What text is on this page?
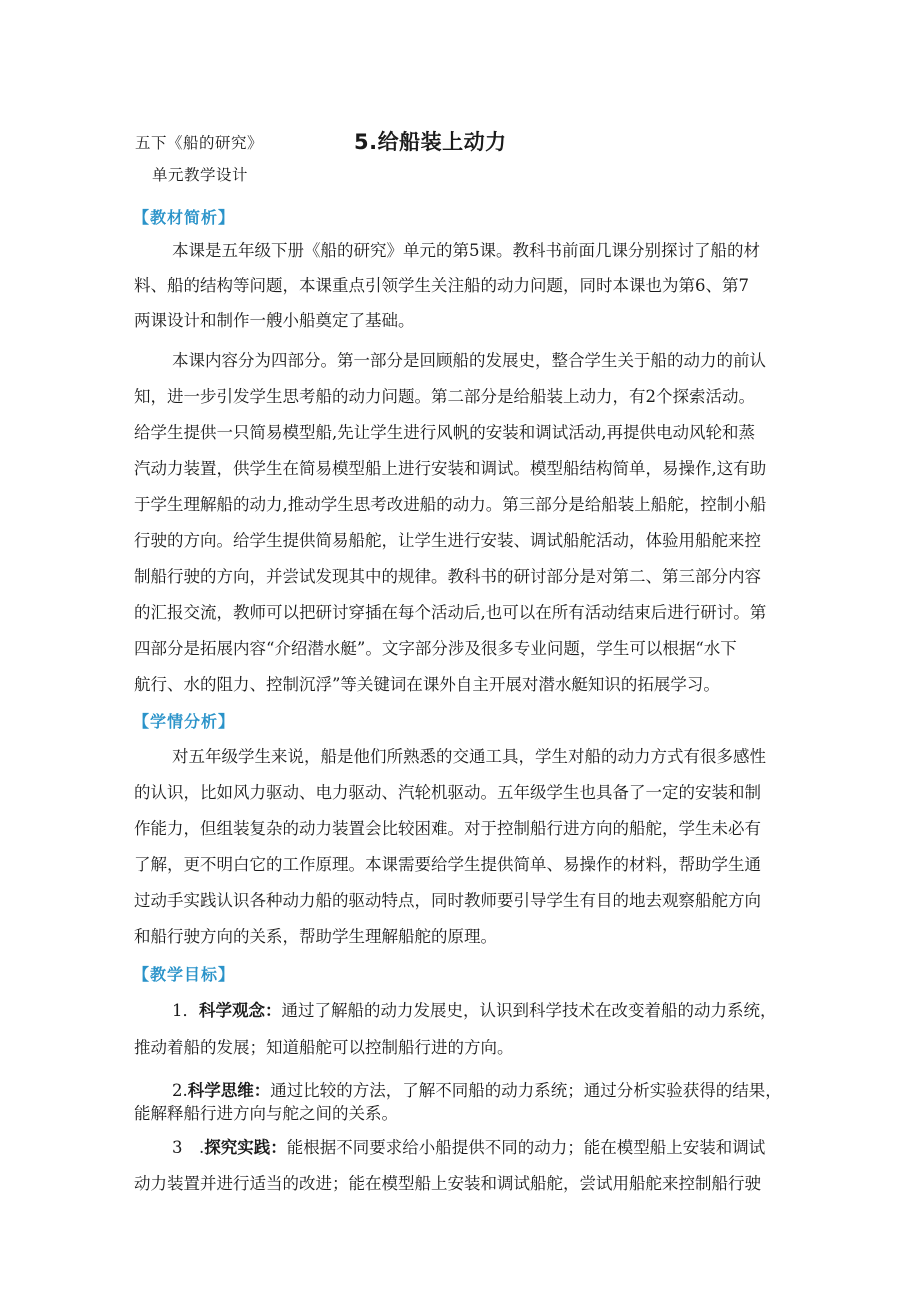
五下《船的研究》	5.给船装上动力
单元教学设计
【教材简析】
本课是五年级下册《船的研究》单元的第5课。教科书前面几课分别探讨了船的材
料、船的结构等问题，本课重点引领学生关注船的动力问题，同时本课也为第6、第7
两课设计和制作一艘小船奠定了基础。
本课内容分为四部分。第一部分是回顾船的发展史，整合学生关于船的动力的前认
知，进一步引发学生思考船的动力问题。第二部分是给船装上动力，有2个探索活动。
给学生提供一只简易模型船,先让学生进行风帆的安装和调试活动,再提供电动风轮和蒸
汽动力装置，供学生在简易模型船上进行安装和调试。模型船结构简单，易操作,这有助
于学生理解船的动力,推动学生思考改进船的动力。第三部分是给船装上船舵，控制小船
行驶的方向。给学生提供简易船舵，让学生进行安装、调试船舵活动，体验用船舵来控
制船行驶的方向，并尝试发现其中的规律。教科书的研讨部分是对第二、第三部分内容
的汇报交流，教师可以把研讨穿插在每个活动后,也可以在所有活动结束后进行研讨。第
四部分是拓展内容“介绍潜水艇”。文字部分涉及很多专业问题，学生可以根据“水下
航行、水的阻力、控制沉浮”等关键词在课外自主开展对潜水艇知识的拓展学习。
【学情分析】
对五年级学生来说，船是他们所熟悉的交通工具，学生对船的动力方式有很多感性
的认识，比如风力驱动、电力驱动、汽轮机驱动。五年级学生也具备了一定的安装和制
作能力，但组装复杂的动力装置会比较困难。对于控制船行进方向的船舵，学生未必有
了解，更不明白它的工作原理。本课需要给学生提供简单、易操作的材料，帮助学生通
过动手实践认识各种动力船的驱动特点，同时教师要引导学生有目的地去观察船舵方向
和船行驶方向的关系，帮助学生理解船舵的原理。
【教学目标】
1．科学观念：通过了解船的动力发展史，认识到科学技术在改变着船的动力系统，
推动着船的发展；知道船舵可以控制船行进的方向。
2.科学思维：通过比较的方法，了解不同船的动力系统；通过分析实验获得的结果，
能解释船行进方向与舵之间的关系。
3　.探究实践：能根据不同要求给小船提供不同的动力；能在模型船上安装和调试
动力装置并进行适当的改进；能在模型船上安装和调试船舵，尝试用船舵来控制船行驶
